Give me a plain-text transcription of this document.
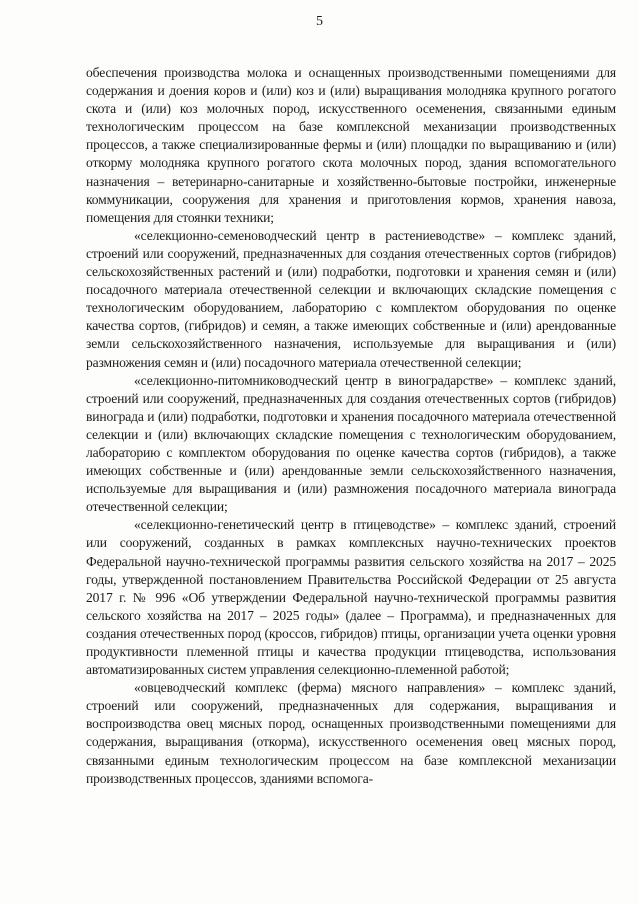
5

обеспечения производства молока и оснащенных производственными помещениями для содержания и доения коров и (или) коз и (или) выращивания молодняка крупного рогатого скота и (или) коз молочных пород, искусственного осеменения, связанными единым технологическим процессом на базе комплексной механизации производственных процессов, а также специализированные фермы и (или) площадки по выращиванию и (или) откорму молодняка крупного рогатого скота молочных пород, здания вспомогательного назначения – ветеринарно-санитарные и хозяйственно-бытовые постройки, инженерные коммуникации, сооружения для хранения и приготовления кормов, хранения навоза, помещения для стоянки техники;

«селекционно-семеноводческий центр в растениеводстве» – комплекс зданий, строений или сооружений, предназначенных для создания отечественных сортов (гибридов) сельскохозяйственных растений и (или) подработки, подготовки и хранения семян и (или) посадочного материала отечественной селекции и включающих складские помещения с технологическим оборудованием, лабораторию с комплектом оборудования по оценке качества сортов, (гибридов) и семян, а также имеющих собственные и (или) арендованные земли сельскохозяйственного назначения, используемые для выращивания и (или) размножения семян и (или) посадочного материала отечественной селекции;

«селекционно-питомниководческий центр в виноградарстве» – комплекс зданий, строений или сооружений, предназначенных для создания отечественных сортов (гибридов) винограда и (или) подработки, подготовки и хранения посадочного материала отечественной селекции и (или) включающих складские помещения с технологическим оборудованием, лабораторию с комплектом оборудования по оценке качества сортов (гибридов), а также имеющих собственные и (или) арендованные земли сельскохозяйственного назначения, используемые для выращивания и (или) размножения посадочного материала винограда отечественной селекции;

«селекционно-генетический центр в птицеводстве» – комплекс зданий, строений или сооружений, созданных в рамках комплексных научно-технических проектов Федеральной научно-технической программы развития сельского хозяйства на 2017 – 2025 годы, утвержденной постановлением Правительства Российской Федерации от 25 августа 2017 г. № 996 «Об утверждении Федеральной научно-технической программы развития сельского хозяйства на 2017 – 2025 годы» (далее – Программа), и предназначенных для создания отечественных пород (кроссов, гибридов) птицы, организации учета оценки уровня продуктивности племенной птицы и качества продукции птицеводства, использования автоматизированных систем управления селекционно-племенной работой;

«овцеводческий комплекс (ферма) мясного направления» – комплекс зданий, строений или сооружений, предназначенных для содержания, выращивания и воспроизводства овец мясных пород, оснащенных производственными помещениями для содержания, выращивания (откорма), искусственного осеменения овец мясных пород, связанными единым технологическим процессом на базе комплексной механизации производственных процессов, зданиями вспомога-
